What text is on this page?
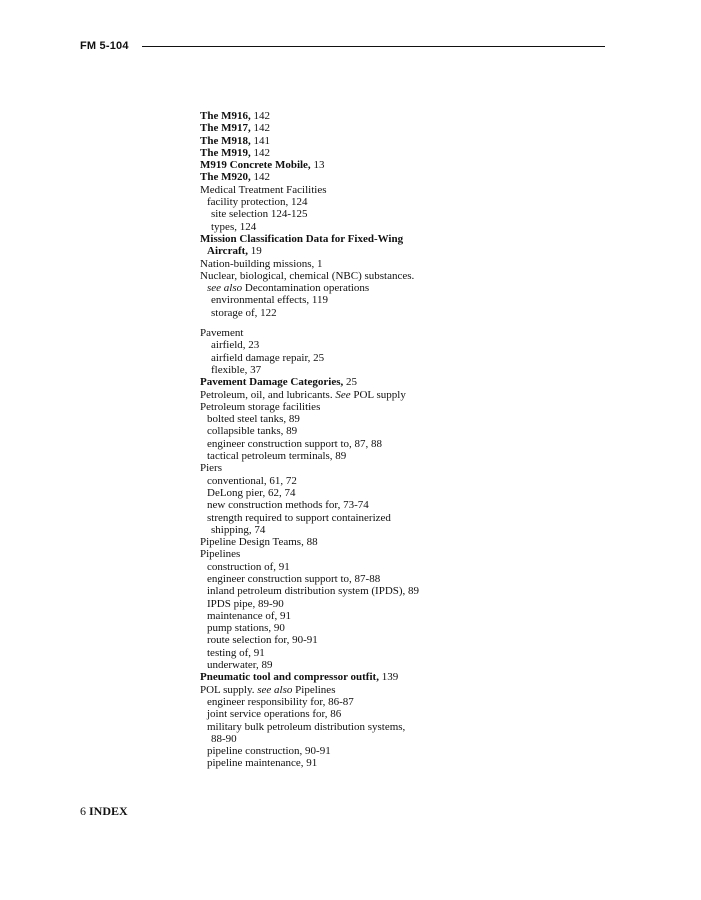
FM 5-104
The M916, 142
The M917, 142
The M918, 141
The M919, 142
M919 Concrete Mobile, 13
The M920, 142
Medical Treatment Facilities
facility protection, 124
site selection 124-125
types, 124
Mission Classification Data for Fixed-Wing
Aircraft, 19
Nation-building missions, 1
Nuclear, biological, chemical (NBC) substances.
see also Decontamination operations
environmental effects, 119
storage of, 122
Pavement
airfield, 23
airfield damage repair, 25
flexible, 37
Pavement Damage Categories, 25
Petroleum, oil, and lubricants. See POL supply
Petroleum storage facilities
bolted steel tanks, 89
collapsible tanks, 89
engineer construction support to, 87, 88
tactical petroleum terminals, 89
Piers
conventional, 61, 72
DeLong pier, 62, 74
new construction methods for, 73-74
strength required to support containerized
shipping, 74
Pipeline Design Teams, 88
Pipelines
construction of, 91
engineer construction support to, 87-88
inland petroleum distribution system (IPDS), 89
IPDS pipe, 89-90
maintenance of, 91
pump stations, 90
route selection for, 90-91
testing of, 91
underwater, 89
Pneumatic tool and compressor outfit, 139
POL supply. see also Pipelines
engineer responsibility for, 86-87
joint service operations for, 86
military bulk petroleum distribution systems,
88-90
pipeline construction, 90-91
pipeline maintenance, 91
6 INDEX
